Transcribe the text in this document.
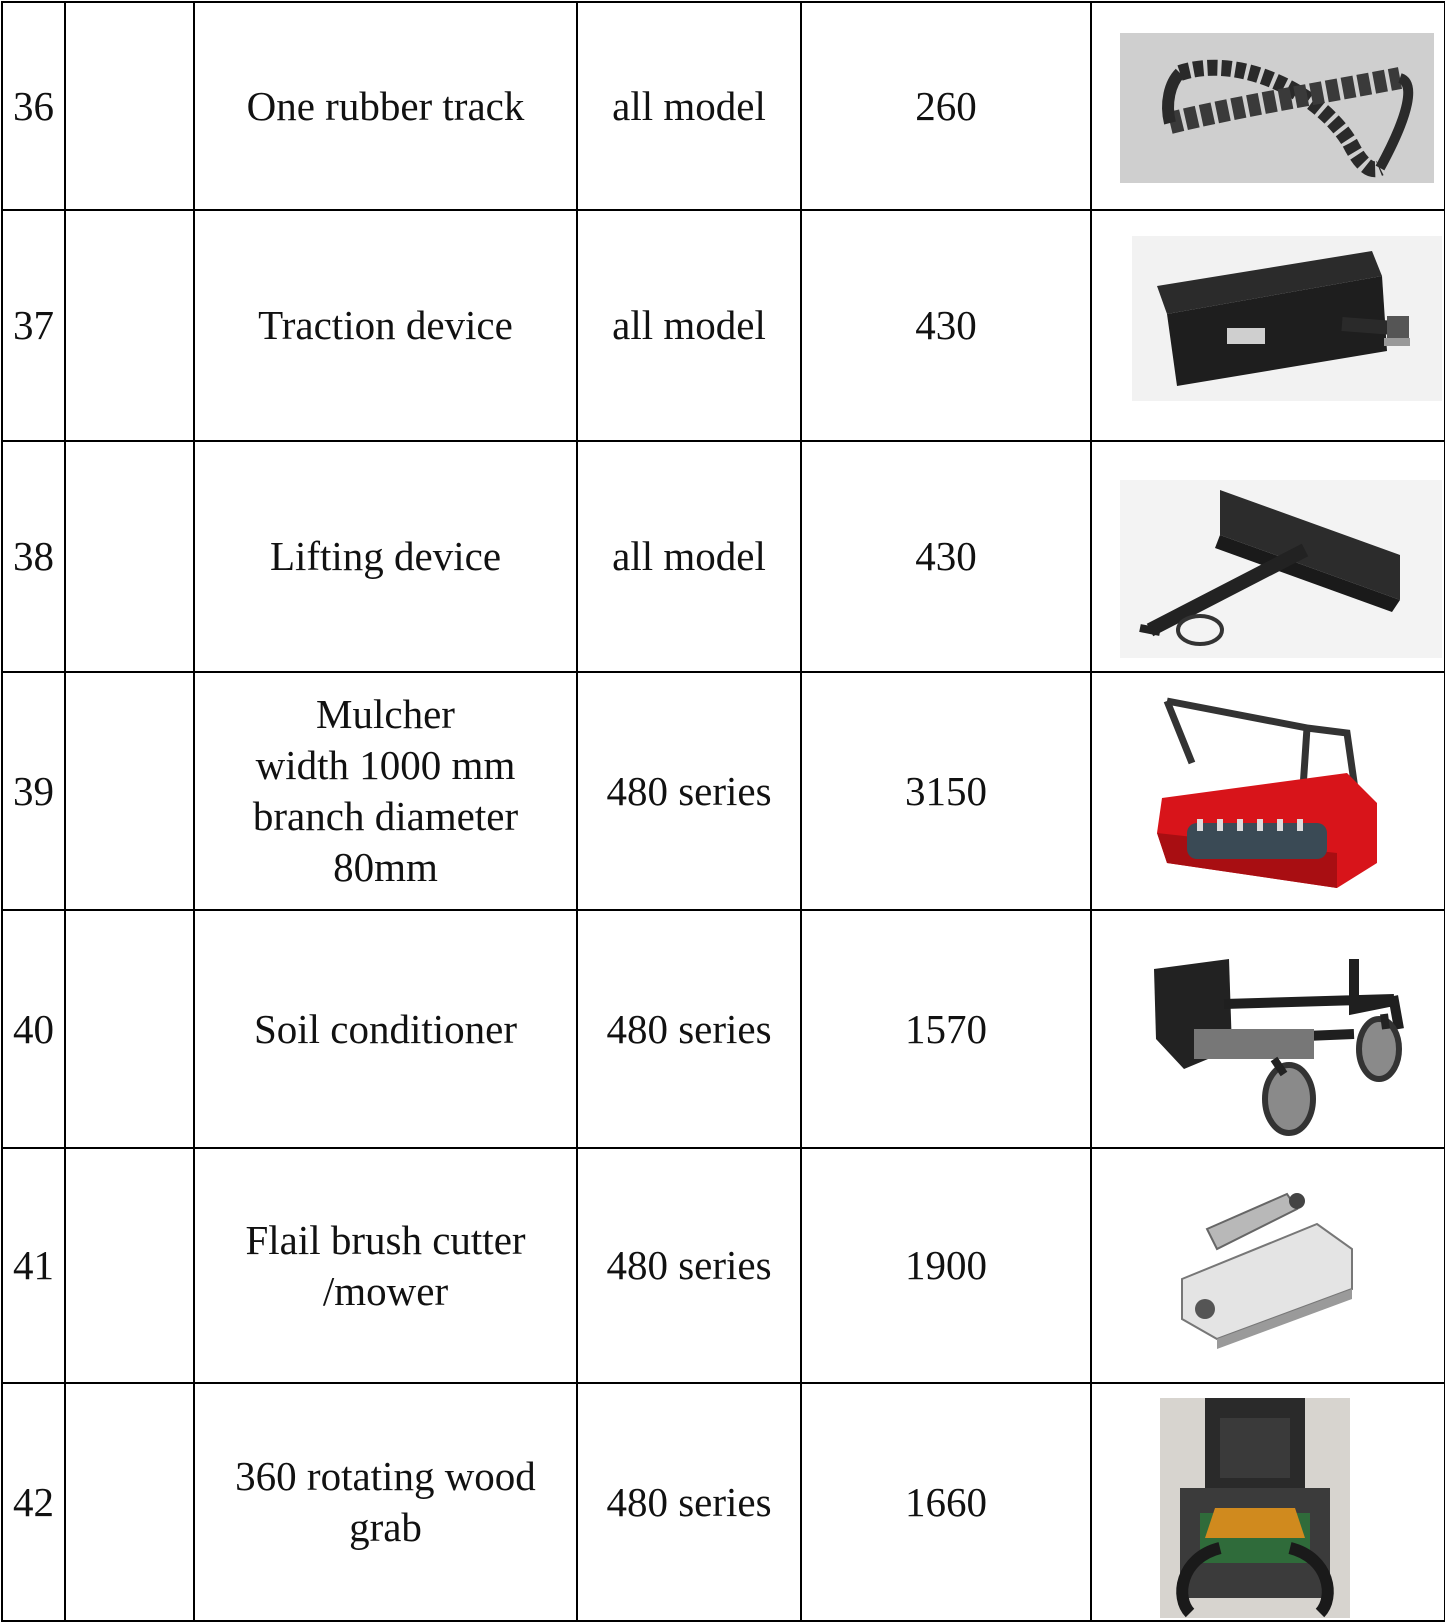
36		One rubber track	all model	260	

37		Traction device	all model	430	

38		Lifting device	all model	430	

39		Mulcher
width 1000 mm
branch diameter
80mm	480 series	3150	

40		Soil conditioner	480 series	1570	

41		Flail brush cutter
/mower	480 series	1900	

42		360 rotating wood
grab	480 series	1660	
